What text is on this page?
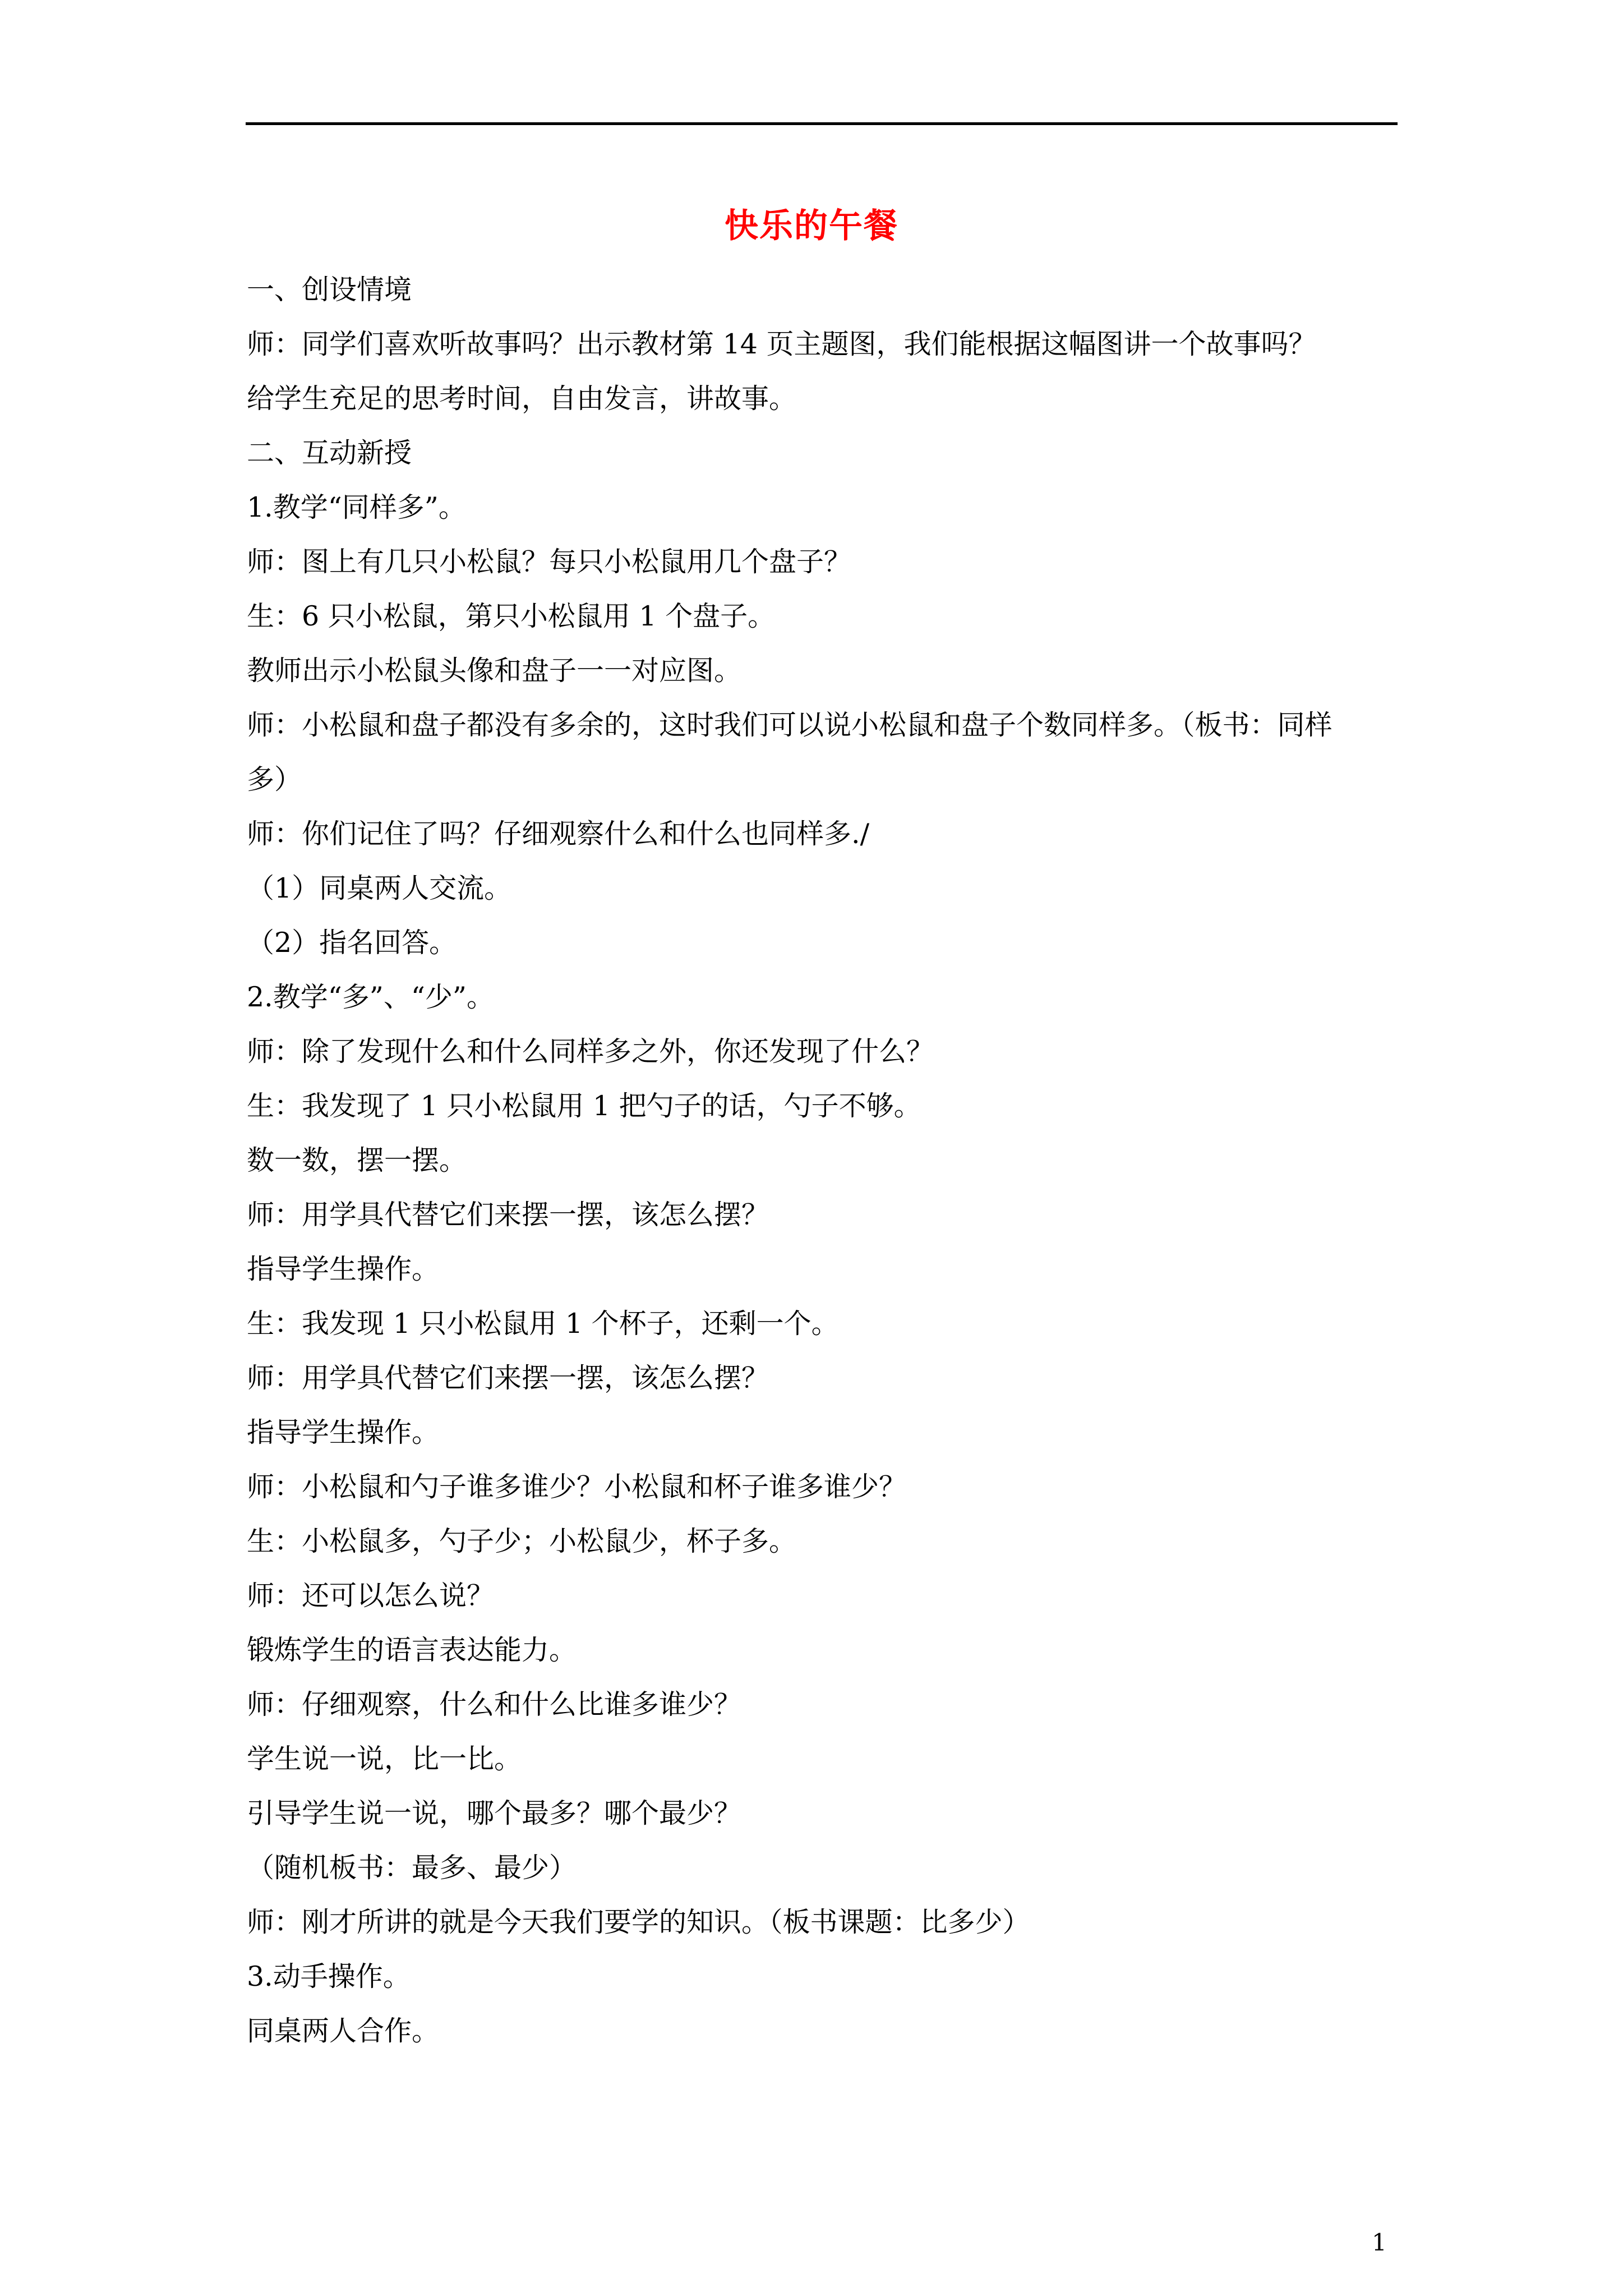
快乐的午餐
一、创设情境
师：同学们喜欢听故事吗？出示教材第 14 页主题图，我们能根据这幅图讲一个故事吗？
给学生充足的思考时间，自由发言，讲故事。
二、互动新授
1.教学“同样多”。
师：图上有几只小松鼠？每只小松鼠用几个盘子？
生：6 只小松鼠，第只小松鼠用 1 个盘子。
教师出示小松鼠头像和盘子一一对应图。
师：小松鼠和盘子都没有多余的，这时我们可以说小松鼠和盘子个数同样多。（板书：同样
多）
师：你们记住了吗？仔细观察什么和什么也同样多./
（1）同桌两人交流。
（2）指名回答。
2.教学“多”、“少”。
师：除了发现什么和什么同样多之外，你还发现了什么？
生：我发现了 1 只小松鼠用 1 把勺子的话，勺子不够。
数一数，摆一摆。
师：用学具代替它们来摆一摆，该怎么摆？
指导学生操作。
生：我发现 1 只小松鼠用 1 个杯子，还剩一个。
师：用学具代替它们来摆一摆，该怎么摆？
指导学生操作。
师：小松鼠和勺子谁多谁少？小松鼠和杯子谁多谁少？
生：小松鼠多，勺子少；小松鼠少，杯子多。
师：还可以怎么说？
锻炼学生的语言表达能力。
师：仔细观察，什么和什么比谁多谁少？
学生说一说，比一比。
引导学生说一说，哪个最多？哪个最少？
（随机板书：最多、最少）
师：刚才所讲的就是今天我们要学的知识。（板书课题：比多少）
3.动手操作。
同桌两人合作。
1
